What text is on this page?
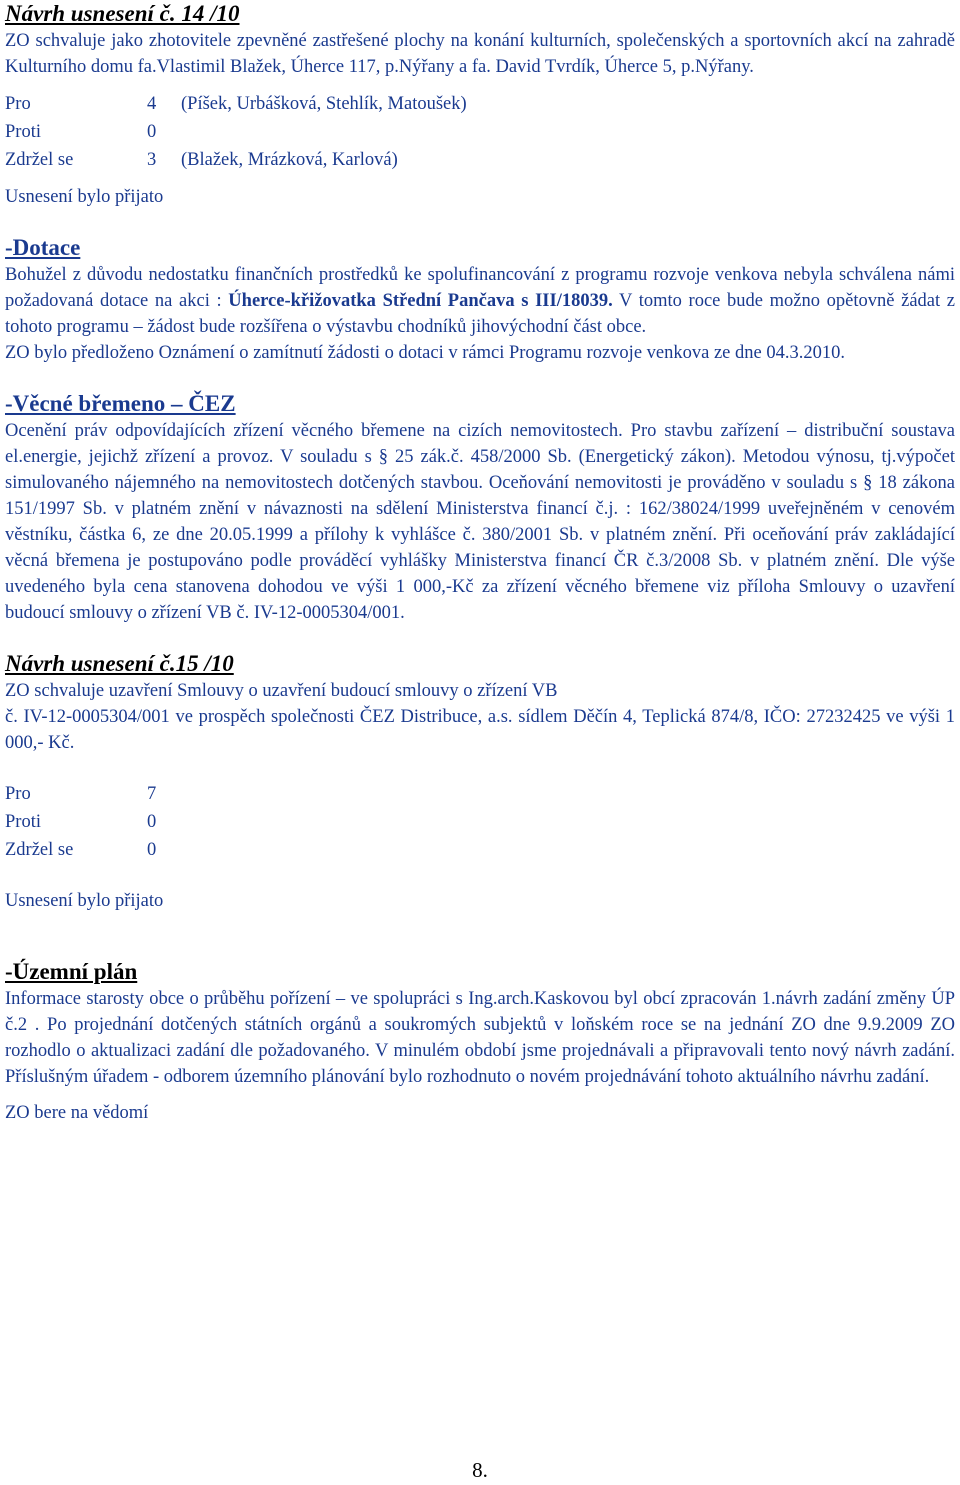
Návrh usnesení č. 14 /10

ZO schvaluje jako zhotovitele zpevněné zastřešené plochy na konání kulturních, společenských a sportovních akcí na zahradě Kulturního domu fa.Vlastimil Blažek, Úherce 117, p.Nýřany a fa. David Tvrdík, Úherce 5, p.Nýřany.

Pro	4	(Píšek, Urbášková, Stehlík, Matoušek)
Proti	0
Zdržel se	3	(Blažek, Mrázková, Karlová)

Usnesení bylo přijato

-Dotace

Bohužel z důvodu nedostatku finančních prostředků ke spolufinancování z programu rozvoje venkova nebyla schválena námi požadovaná dotace na akci : Úherce-křižovatka Střední Pančava s III/18039. V tomto roce bude možno opětovně žádat z tohoto programu – žádost bude rozšířena o výstavbu chodníků jihovýchodní část obce.

ZO bylo předloženo Oznámení o zamítnutí žádosti o dotaci v rámci Programu rozvoje venkova ze dne 04.3.2010.

-Věcné břemeno – ČEZ

Ocenění práv odpovídajících zřízení věcného břemene na cizích nemovitostech. Pro stavbu zařízení – distribuční soustava el.energie, jejichž zřízení a provoz. V souladu s § 25 zák.č. 458/2000 Sb. (Energetický zákon). Metodou výnosu, tj.výpočet simulovaného nájemného na nemovitostech dotčených stavbou. Oceňování nemovitosti je prováděno v souladu s § 18 zákona 151/1997 Sb. v platném znění v návaznosti na sdělení Ministerstva financí č.j. : 162/38024/1999 uveřejněném v cenovém věstníku, částka 6, ze dne 20.05.1999 a přílohy k vyhlášce č. 380/2001 Sb. v platném znění. Při oceňování práv zakládající věcná břemena je postupováno podle prováděcí vyhlášky Ministerstva financí ČR č.3/2008 Sb. v platném znění. Dle výše uvedeného byla cena stanovena dohodou ve výši 1 000,-Kč za zřízení věcného břemene viz příloha Smlouvy o uzavření budoucí smlouvy o zřízení VB č. IV-12-0005304/001.

Návrh usnesení č.15 /10

ZO schvaluje uzavření Smlouvy o uzavření budoucí smlouvy o zřízení VB

č. IV-12-0005304/001 ve prospěch společnosti ČEZ Distribuce, a.s. sídlem Děčín 4, Teplická 874/8, IČO: 27232425 ve výši 1 000,- Kč.

Pro	7
Proti	0
Zdržel se	0

Usnesení bylo přijato

-Územní plán

Informace starosty obce o průběhu pořízení – ve spolupráci s Ing.arch.Kaskovou byl obcí zpracován 1.návrh zadání změny ÚP č.2 . Po projednání dotčených státních orgánů a soukromých subjektů v loňském roce se na jednání ZO dne 9.9.2009 ZO rozhodlo o aktualizaci zadání dle požadovaného. V minulém období jsme projednávali a připravovali tento nový návrh zadání. Příslušným úřadem - odborem územního plánování bylo rozhodnuto o novém projednávání tohoto aktuálního návrhu zadání.

ZO bere na vědomí

8.
